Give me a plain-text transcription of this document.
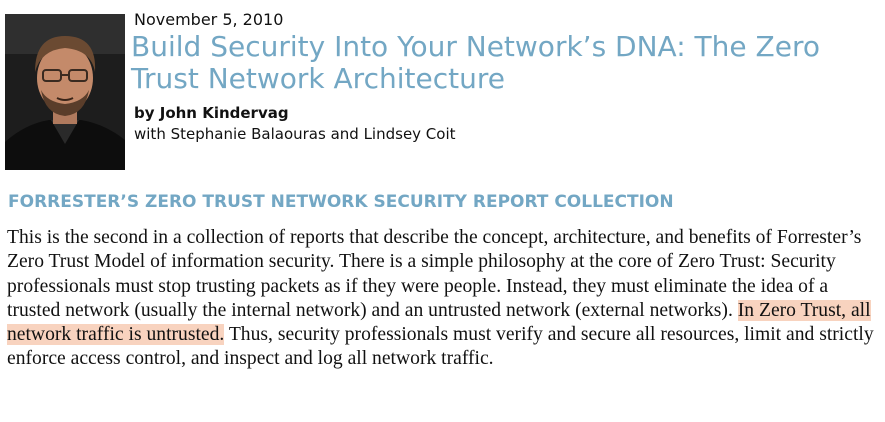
November 5, 2010

Build Security Into Your Network’s DNA: The Zero Trust Network Architecture

by John Kindervag

with Stephanie Balaouras and Lindsey Coit

FORRESTER’S ZERO TRUST NETWORK SECURITY REPORT COLLECTION

This is the second in a collection of reports that describe the concept, architecture, and benefits of Forrester’s Zero Trust Model of information security. There is a simple philosophy at the core of Zero Trust: Security professionals must stop trusting packets as if they were people. Instead, they must eliminate the idea of a trusted network (usually the internal network) and an untrusted network (external networks). In Zero Trust, all network traffic is untrusted. Thus, security professionals must verify and secure all resources, limit and strictly enforce access control, and inspect and log all network traffic.
